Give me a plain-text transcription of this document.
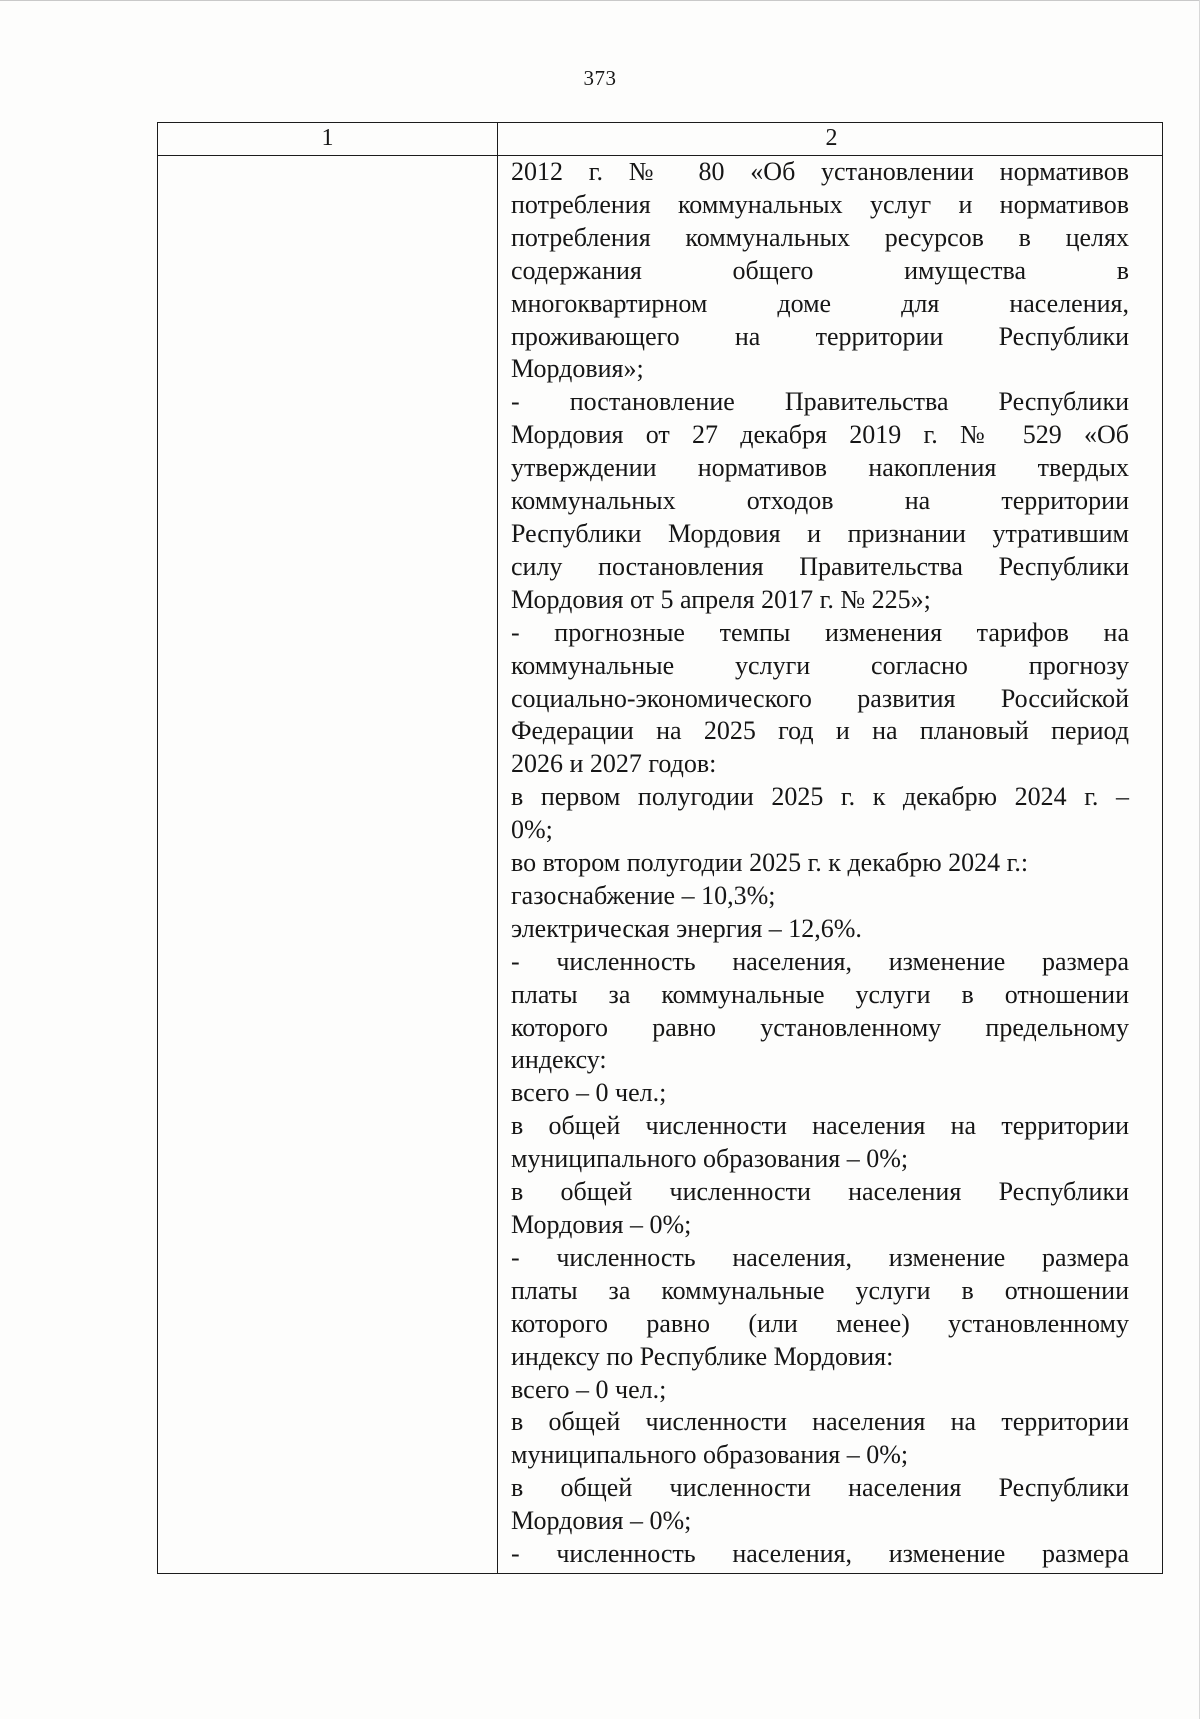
373
1	2

2012 г. № 80 «Об установлении нормативов

потребления коммунальных услуг и нормативов

потребления коммунальных ресурсов в целях

содержания общего имущества в

многоквартирном доме для населения,

проживающего на территории Республики

Мордовия»;

- постановление Правительства Республики

Мордовия от 27 декабря 2019 г. № 529 «Об

утверждении нормативов накопления твердых

коммунальных отходов на территории

Республики Мордовия и признании утратившим

силу постановления Правительства Республики

Мордовия от 5 апреля 2017 г. № 225»;

- прогнозные темпы изменения тарифов на

коммунальные услуги согласно прогнозу

социально-экономического развития Российской

Федерации на 2025 год и на плановый период

2026 и 2027 годов:

в первом полугодии 2025 г. к декабрю 2024 г. –

0%;

во втором полугодии 2025 г. к декабрю 2024 г.:

газоснабжение – 10,3%;

электрическая энергия – 12,6%.

- численность населения, изменение размера

платы за коммунальные услуги в отношении

которого равно установленному предельному

индексу:

всего – 0 чел.;

в общей численности населения на территории

муниципального образования – 0%;

в общей численности населения Республики

Мордовия – 0%;

- численность населения, изменение размера

платы за коммунальные услуги в отношении

которого равно (или менее) установленному

индексу по Республике Мордовия:

всего – 0 чел.;

в общей численности населения на территории

муниципального образования – 0%;

в общей численности населения Республики

Мордовия – 0%;

- численность населения, изменение размера
